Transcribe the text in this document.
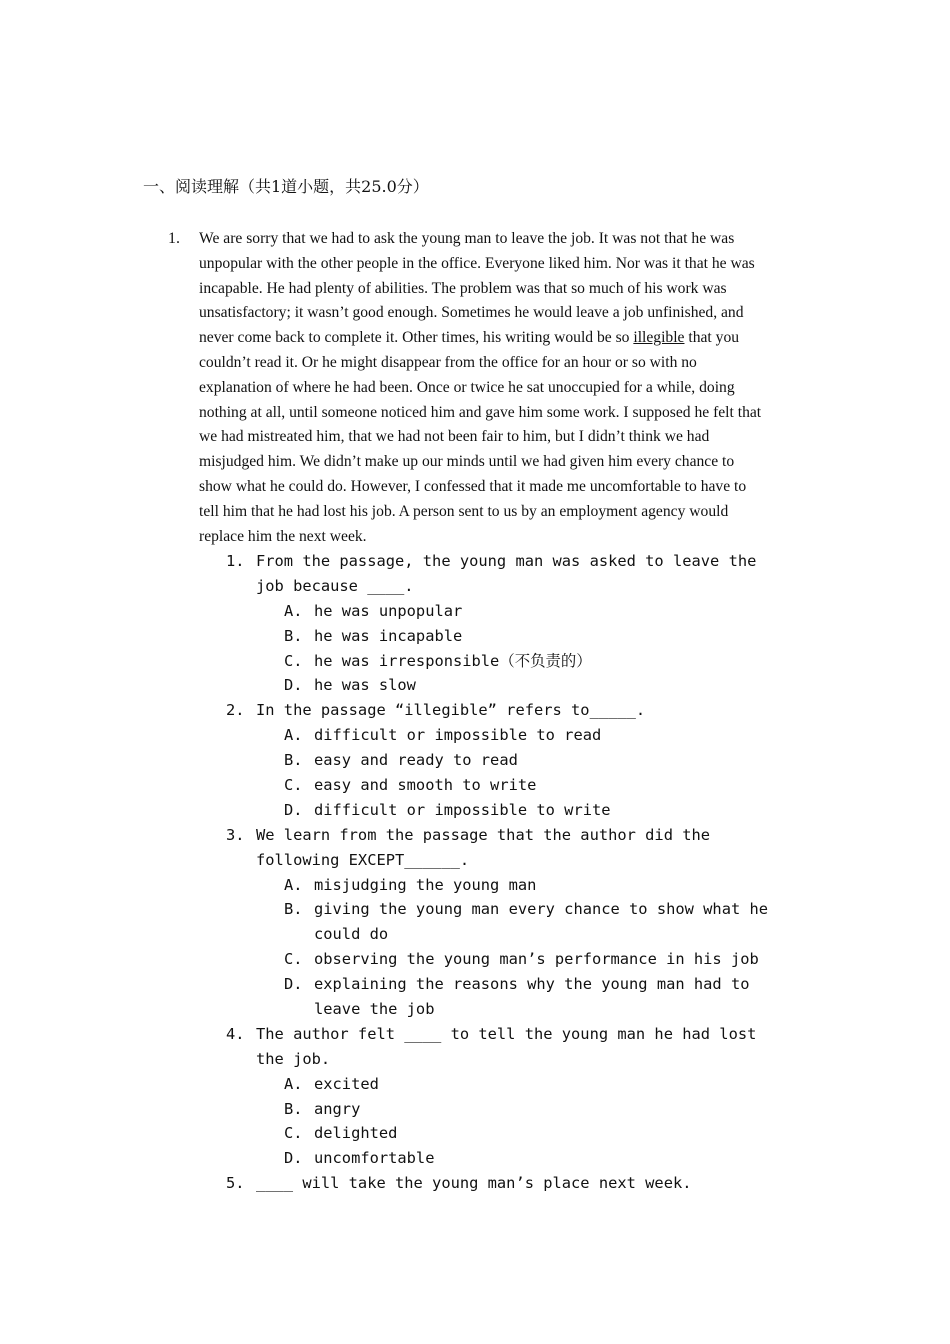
一、阅读理解（共1道小题，共25.0分）
1. We are sorry that we had to ask the young man to leave the job. It was not that he was
unpopular with the other people in the office. Everyone liked him. Nor was it that he was
incapable. He had plenty of abilities. The problem was that so much of his work was
unsatisfactory; it wasn’t good enough. Sometimes he would leave a job unfinished, and
never come back to complete it. Other times, his writing would be so illegible that you
couldn’t read it. Or he might disappear from the office for an hour or so with no
explanation of where he had been. Once or twice he sat unoccupied for a while, doing
nothing at all, until someone noticed him and gave him some work. I supposed he felt that
we had mistreated him, that we had not been fair to him, but I didn’t think we had
misjudged him. We didn’t make up our minds until we had given him every chance to
show what he could do. However, I confessed that it made me uncomfortable to have to
tell him that he had lost his job. A person sent to us by an employment agency would
replace him the next week.
1. From the passage, the young man was asked to leave the
job because ____.
A. he was unpopular
B. he was incapable
C. he was irresponsible（不负责的）
D. he was slow
2. In the passage “illegible” refers to_____.
A. difficult or impossible to read
B. easy and ready to read
C. easy and smooth to write
D. difficult or impossible to write
3. We learn from the passage that the author did the
following EXCEPT______.
A. misjudging the young man
B. giving the young man every chance to show what he
could do
C. observing the young man’s performance in his job
D. explaining the reasons why the young man had to
leave the job
4. The author felt ____ to tell the young man he had lost
the job.
A. excited
B. angry
C. delighted
D. uncomfortable
5. ____ will take the young man’s place next week.
